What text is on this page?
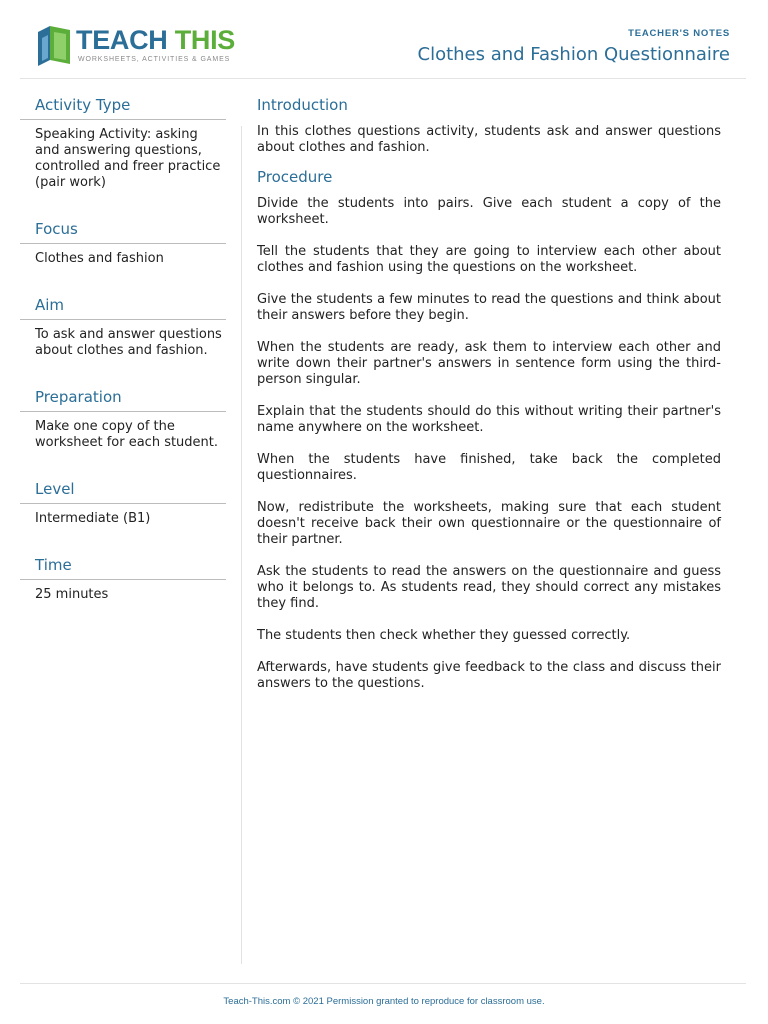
TEACH THIS
WORKSHEETS, ACTIVITIES & GAMES
TEACHER'S NOTES
Clothes and Fashion Questionnaire
Activity Type
Speaking Activity: asking and answering questions, controlled and freer practice (pair work)
Focus
Clothes and fashion
Aim
To ask and answer questions about clothes and fashion.
Preparation
Make one copy of the worksheet for each student.
Level
Intermediate (B1)
Time
25 minutes
Introduction

In this clothes questions activity, students ask and answer questions about clothes and fashion.

Procedure

Divide the students into pairs. Give each student a copy of the worksheet.

Tell the students that they are going to interview each other about clothes and fashion using the questions on the worksheet.

Give the students a few minutes to read the questions and think about their answers before they begin.

When the students are ready, ask them to interview each other and write down their partner's answers in sentence form using the third-person singular.

Explain that the students should do this without writing their partner's name anywhere on the worksheet.

When the students have finished, take back the completed questionnaires.

Now, redistribute the worksheets, making sure that each student doesn't receive back their own questionnaire or the questionnaire of their partner.

Ask the students to read the answers on the questionnaire and guess who it belongs to. As students read, they should correct any mistakes they find.

The students then check whether they guessed correctly.

Afterwards, have students give feedback to the class and discuss their answers to the questions.

Teach-This.com © 2021 Permission granted to reproduce for classroom use.
